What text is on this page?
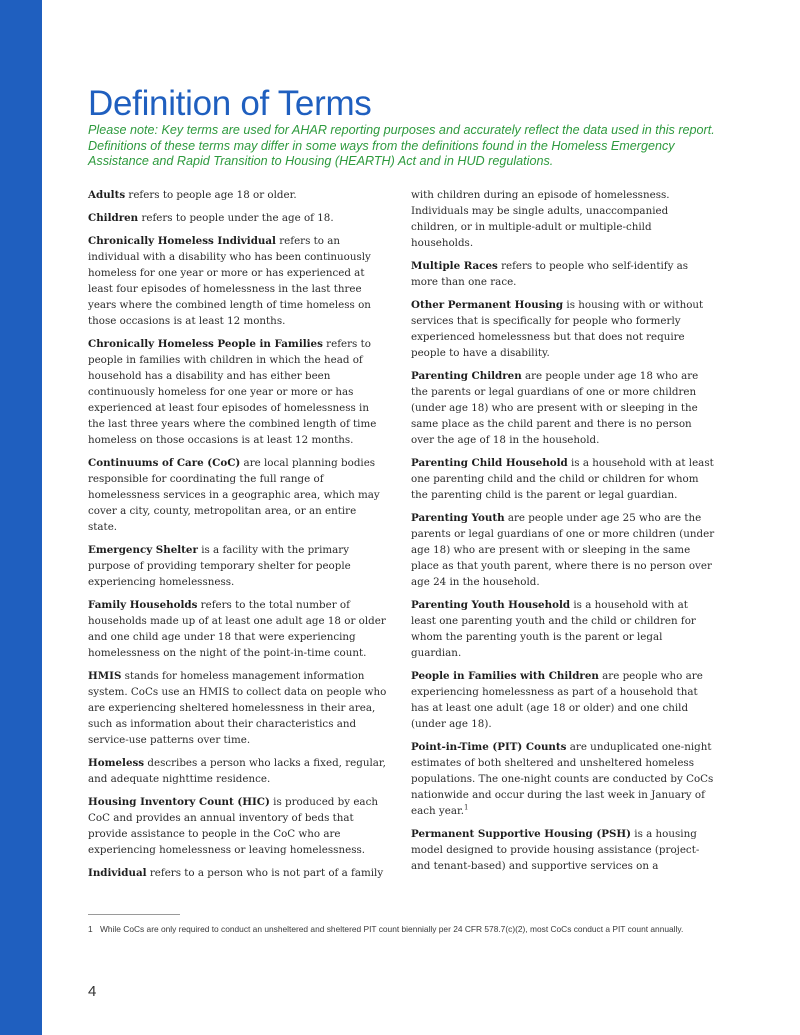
Definition of Terms

Please note: Key terms are used for AHAR reporting purposes and accurately reflect the data used in this report. Definitions of these terms may differ in some ways from the definitions found in the Homeless Emergency Assistance and Rapid Transition to Housing (HEARTH) Act and in HUD regulations.

Adults refers to people age 18 or older.

Children refers to people under the age of 18.

Chronically Homeless Individual refers to an individual with a disability who has been continuously homeless for one year or more or has experienced at least four episodes of homelessness in the last three years where the combined length of time homeless on those occasions is at least 12 months.

Chronically Homeless People in Families refers to people in families with children in which the head of household has a disability and has either been continuously homeless for one year or more or has experienced at least four episodes of homelessness in the last three years where the combined length of time homeless on those occasions is at least 12 months.

Continuums of Care (CoC) are local planning bodies responsible for coordinating the full range of homelessness services in a geographic area, which may cover a city, county, metropolitan area, or an entire state.

Emergency Shelter is a facility with the primary purpose of providing temporary shelter for people experiencing homelessness.

Family Households refers to the total number of households made up of at least one adult age 18 or older and one child age under 18 that were experiencing homelessness on the night of the point-in-time count.

HMIS stands for homeless management information system. CoCs use an HMIS to collect data on people who are experiencing sheltered homelessness in their area, such as information about their characteristics and service-use patterns over time.

Homeless describes a person who lacks a fixed, regular, and adequate nighttime residence.

Housing Inventory Count (HIC) is produced by each CoC and provides an annual inventory of beds that provide assistance to people in the CoC who are experiencing homelessness or leaving homelessness.

Individual refers to a person who is not part of a family

with children during an episode of homelessness. Individuals may be single adults, unaccompanied children, or in multiple-adult or multiple-child households.

Multiple Races refers to people who self-identify as more than one race.

Other Permanent Housing is housing with or without services that is specifically for people who formerly experienced homelessness but that does not require people to have a disability.

Parenting Children are people under age 18 who are the parents or legal guardians of one or more children (under age 18) who are present with or sleeping in the same place as the child parent and there is no person over the age of 18 in the household.

Parenting Child Household is a household with at least one parenting child and the child or children for whom the parenting child is the parent or legal guardian.

Parenting Youth are people under age 25 who are the parents or legal guardians of one or more children (under age 18) who are present with or sleeping in the same place as that youth parent, where there is no person over age 24 in the household.

Parenting Youth Household is a household with at least one parenting youth and the child or children for whom the parenting youth is the parent or legal guardian.

People in Families with Children are people who are experiencing homelessness as part of a household that has at least one adult (age 18 or older) and one child (under age 18).

Point-in-Time (PIT) Counts are unduplicated one-night estimates of both sheltered and unsheltered homeless populations. The one-night counts are conducted by CoCs nationwide and occur during the last week in January of each year.$^1$

Permanent Supportive Housing (PSH) is a housing model designed to provide housing assistance (project- and tenant-based) and supportive services on a

1 While CoCs are only required to conduct an unsheltered and sheltered PIT count biennially per 24 CFR 578.7(c)(2), most CoCs conduct a PIT count annually.
4
